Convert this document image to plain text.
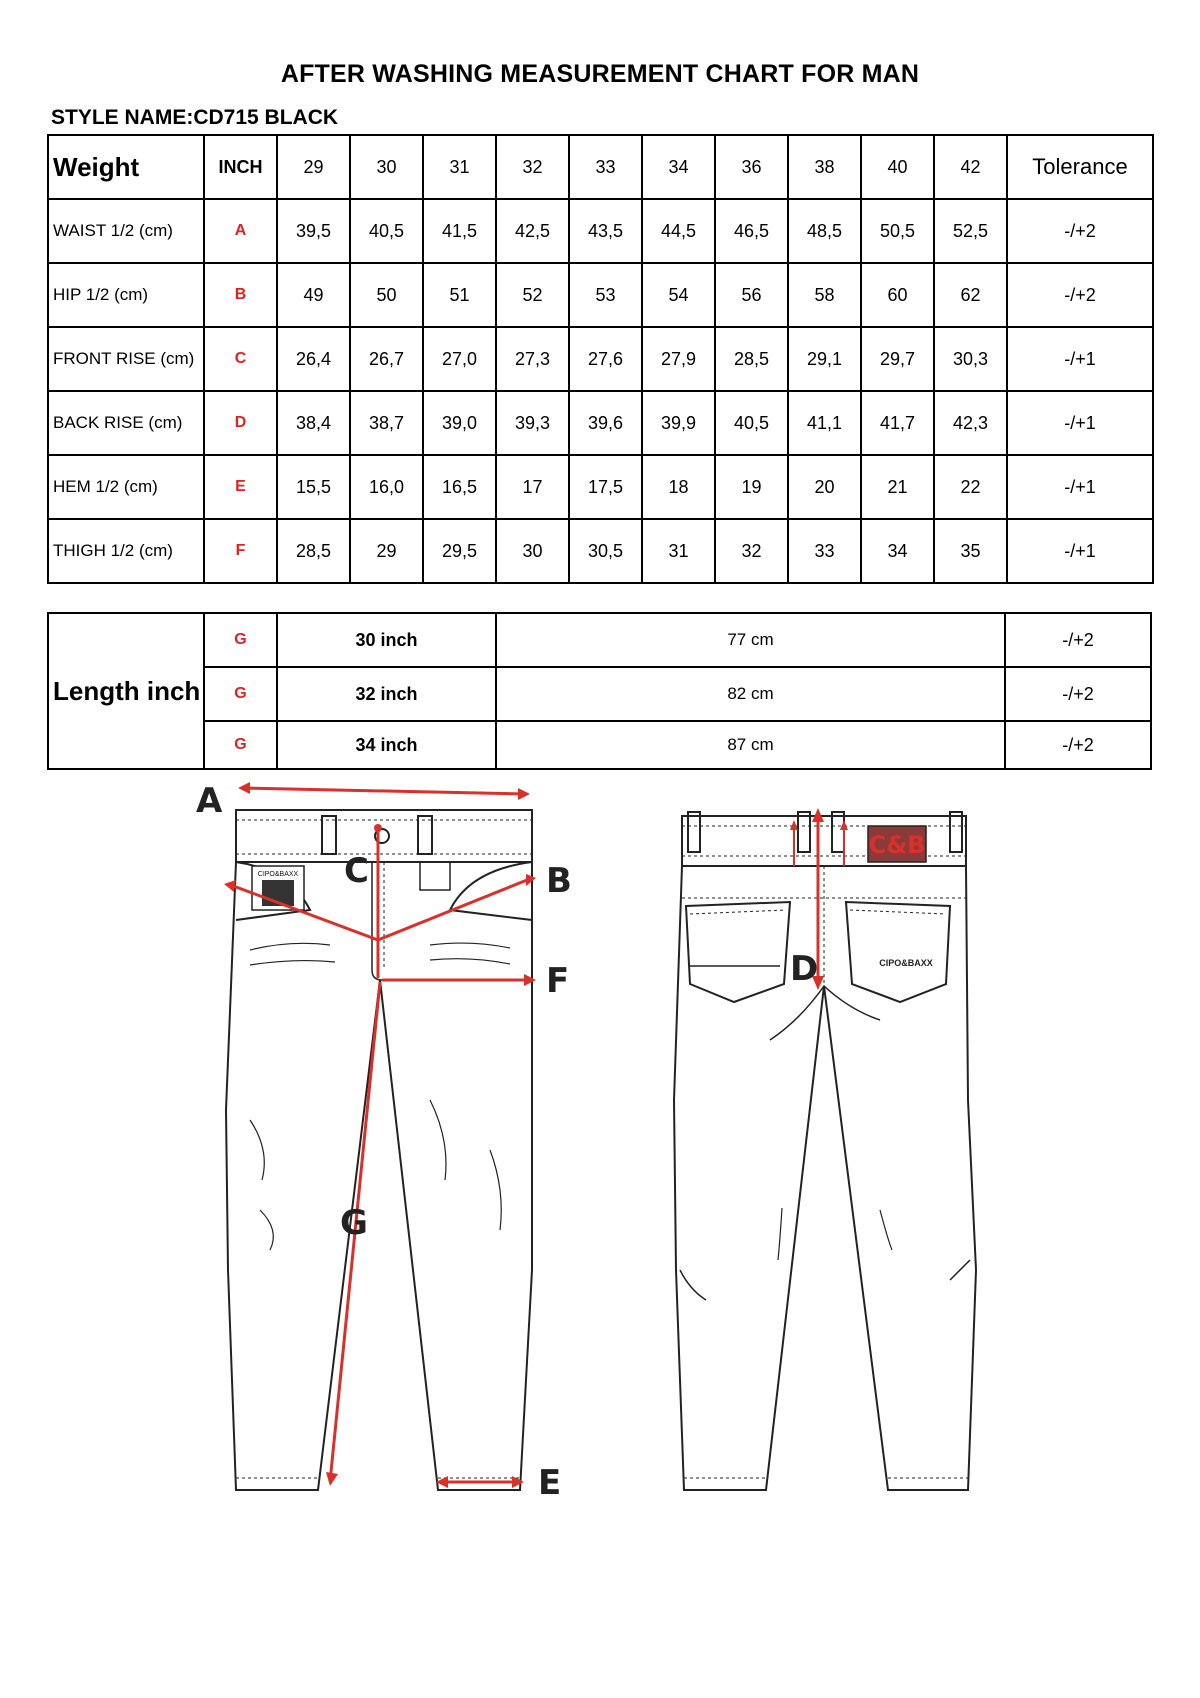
AFTER WASHING MEASUREMENT CHART FOR MAN
STYLE NAME:CD715 BLACK
Weight	INCH	29	30	31	32	33	34	36	38	40	42	Tolerance
WAIST 1/2 (cm)	A	39,5	40,5	41,5	42,5	43,5	44,5	46,5	48,5	50,5	52,5	-/+2
HIP 1/2 (cm)	B	49	50	51	52	53	54	56	58	60	62	-/+2
FRONT RISE (cm)	C	26,4	26,7	27,0	27,3	27,6	27,9	28,5	29,1	29,7	30,3	-/+1
BACK RISE (cm)	D	38,4	38,7	39,0	39,3	39,6	39,9	40,5	41,1	41,7	42,3	-/+1
HEM 1/2 (cm)	E	15,5	16,0	16,5	17	17,5	18	19	20	21	22	-/+1
THIGH 1/2 (cm)	F	28,5	29	29,5	30	30,5	31	32	33	34	35	-/+1
Length inch	G	30 inch	77 cm	-/+2
	G	32 inch	82 cm	-/+2
	G	34 inch	87 cm	-/+2
CIPO&BAXX
A
B
C
E
F
G
C&B
CIPO&BAXX
D
